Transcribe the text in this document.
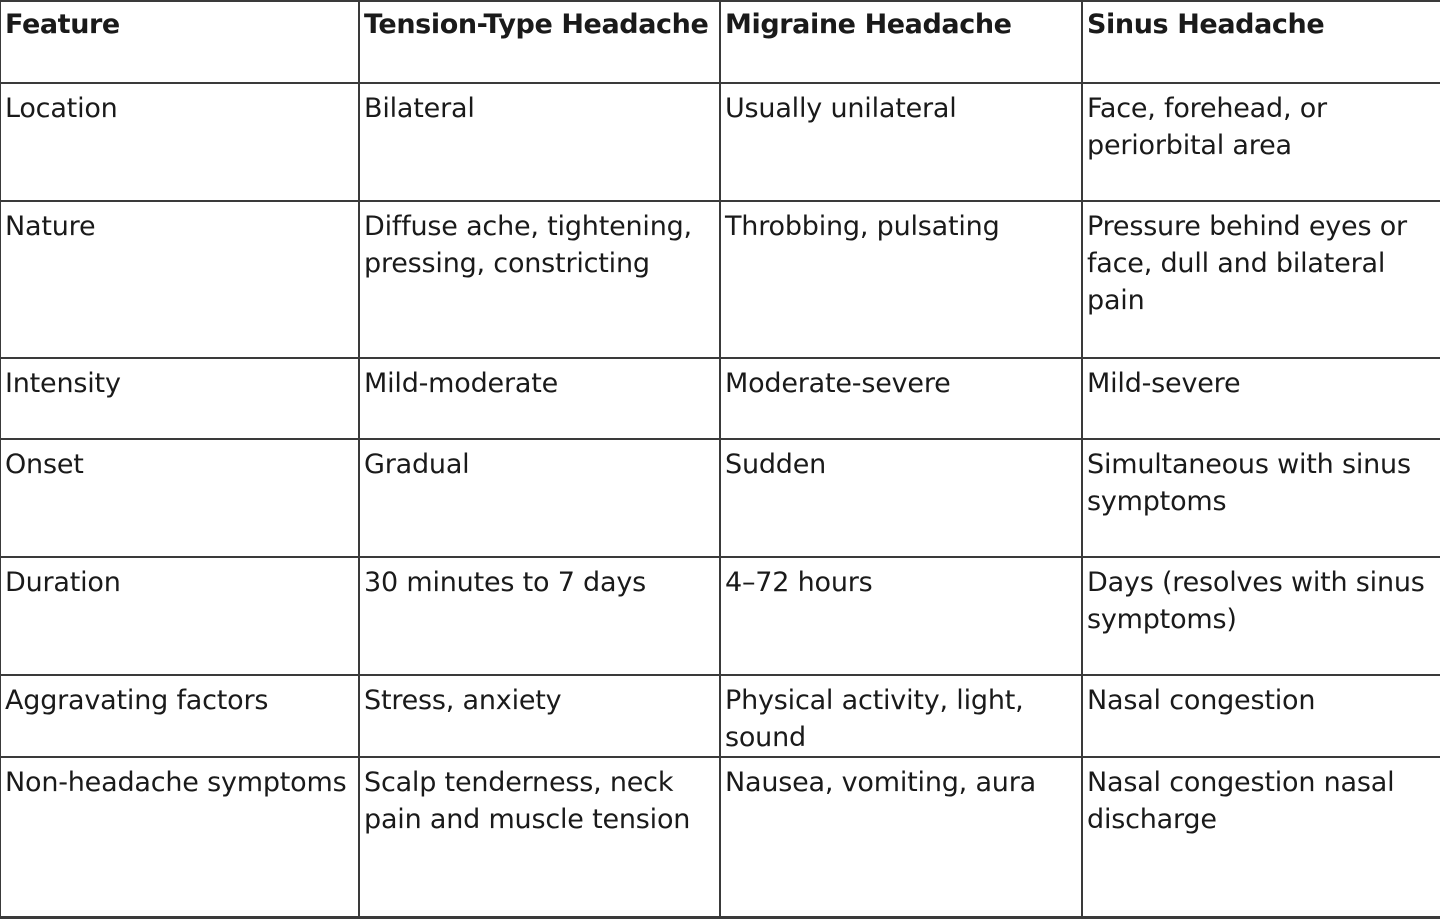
Feature	Tension-Type Headache	Migraine Headache	Sinus Headache
Location	Bilateral	Usually unilateral	Face, forehead, or periorbital area
Nature	Diffuse ache, tightening, pressing, constricting	Throbbing, pulsating	Pressure behind eyes or face, dull and bilateral pain
Intensity	Mild-moderate	Moderate-severe	Mild-severe
Onset	Gradual	Sudden	Simultaneous with sinus symptoms
Duration	30 minutes to 7 days	4–72 hours	Days (resolves with sinus symptoms)
Aggravating factors	Stress, anxiety	Physical activity, light, sound	Nasal congestion
Non-headache symptoms	Scalp tenderness, neck pain and muscle tension	Nausea, vomiting, aura	Nasal congestion nasal discharge
